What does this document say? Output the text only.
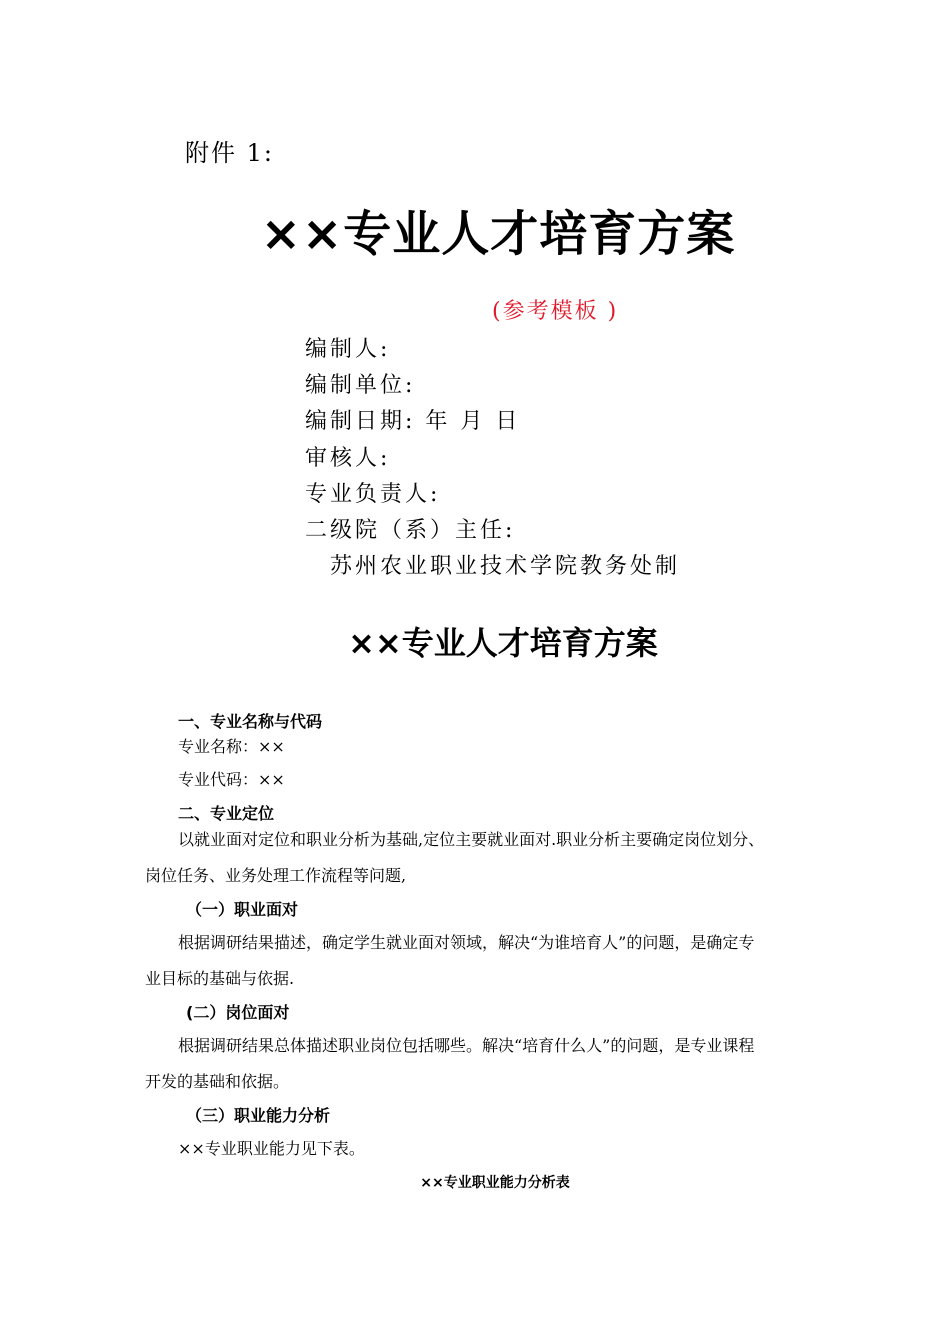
附件 1:
××专业人才培育方案
(参考模板 )
编制人:
编制单位:
编制日期: 年 月 日
审核人:
专业负责人:
二级院（系）主任:
苏州农业职业技术学院教务处制
××专业人才培育方案
一、专业名称与代码
专业名称：××
专业代码：××
二、专业定位
以就业面对定位和职业分析为基础,定位主要就业面对.职业分析主要确定岗位划分、
岗位任务、业务处理工作流程等问题,
（一）职业面对
根据调研结果描述，确定学生就业面对领域，解决“为谁培育人”的问题，是确定专
业目标的基础与依据.
(二）岗位面对
根据调研结果总体描述职业岗位包括哪些。解决“培育什么人”的问题，是专业课程
开发的基础和依据。
（三）职业能力分析
××专业职业能力见下表。
××专业职业能力分析表
